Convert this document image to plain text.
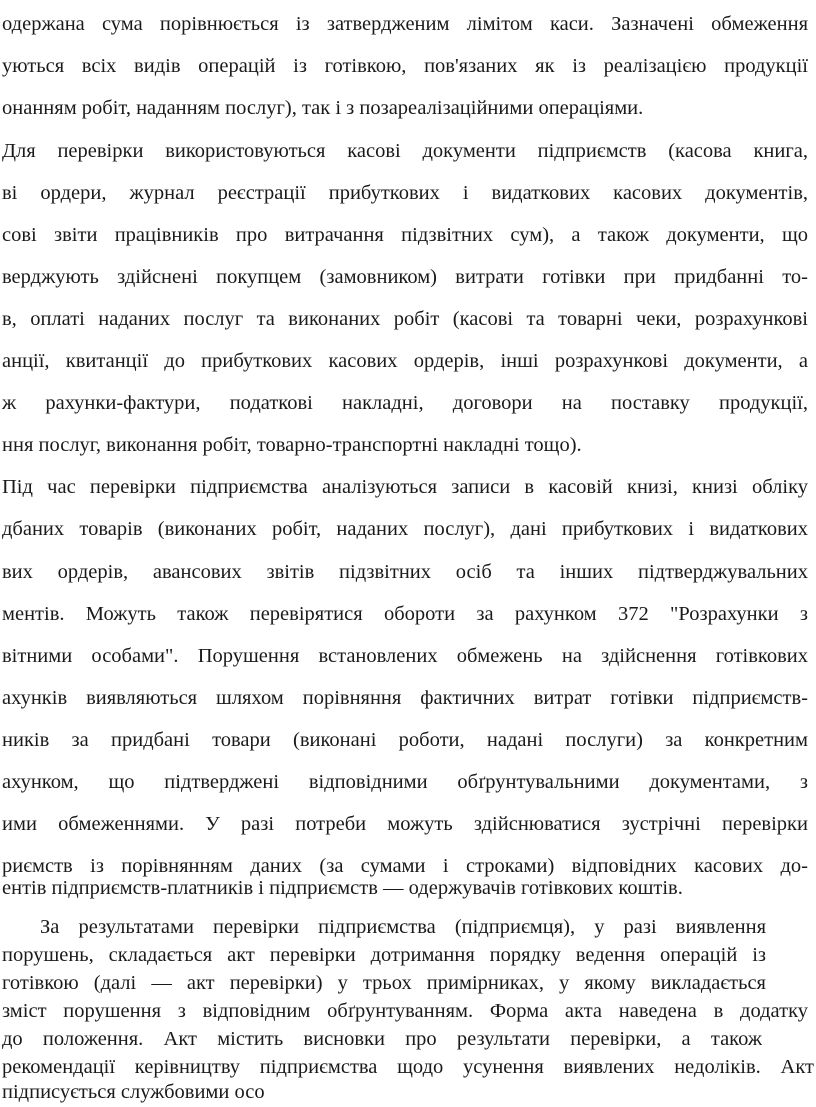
одержана сума порівнюється із затвердженим лімітом каси. Зазначені обмеження
уються всіх видів операцій із готівкою, пов'язаних як із реалізацією продукції
онанням робіт, наданням послуг), так і з позареалізаційними операціями.
Для перевірки використовуються касові документи підприємств (касова книга,
ві ордери, журнал реєстрації прибуткових і видаткових касових документів,
сові звіти працівників про витрачання підзвітних сум), а також документи, що
верджують здійснені покупцем (замовником) витрати готівки при придбанні то-
в, оплаті наданих послуг та виконаних робіт (касові та товарні чеки, розрахункові
анції, квитанції до прибуткових касових ордерів, інші розрахункові документи, а
ж рахунки-фактури, податкові накладні, договори на поставку продукції,
ння послуг, виконання робіт, товарно-транспортні накладні тощо).
Під час перевірки підприємства аналізуються записи в касовій книзі, книзі обліку
дбаних товарів (виконаних робіт, наданих послуг), дані прибуткових і видаткових
вих ордерів, авансових звітів підзвітних осіб та інших підтверджувальних
ментів. Можуть також перевірятися обороти за рахунком 372 "Розрахунки з
вітними особами". Порушення встановлених обмежень на здійснення готівкових
ахунків виявляються шляхом порівняння фактичних витрат готівки підприємств-
ників за придбані товари (виконані роботи, надані послуги) за конкретним
ахунком, що підтверджені відповідними обґрунтувальними документами, з
ими обмеженнями. У разі потреби можуть здійснюватися зустрічні перевірки
риємств із порівнянням даних (за сумами і строками) відповідних касових до-
ентів підприємств-платників і підприємств — одержувачів готівкових коштів.
За результатами перевірки підприємства (підприємця), у разі виявлення
порушень, складається акт перевірки дотримання порядку ведення операцій із
готівкою (далі — акт перевірки) у трьох примірниках, у якому викладається
зміст порушення з відповідним обґрунтуванням. Форма акта наведена в додатку
до положення. Акт містить висновки про результати перевірки, а також
рекомендації керівництву підприємства щодо усунення виявлених недоліків. Акт
підписується службовими осо
